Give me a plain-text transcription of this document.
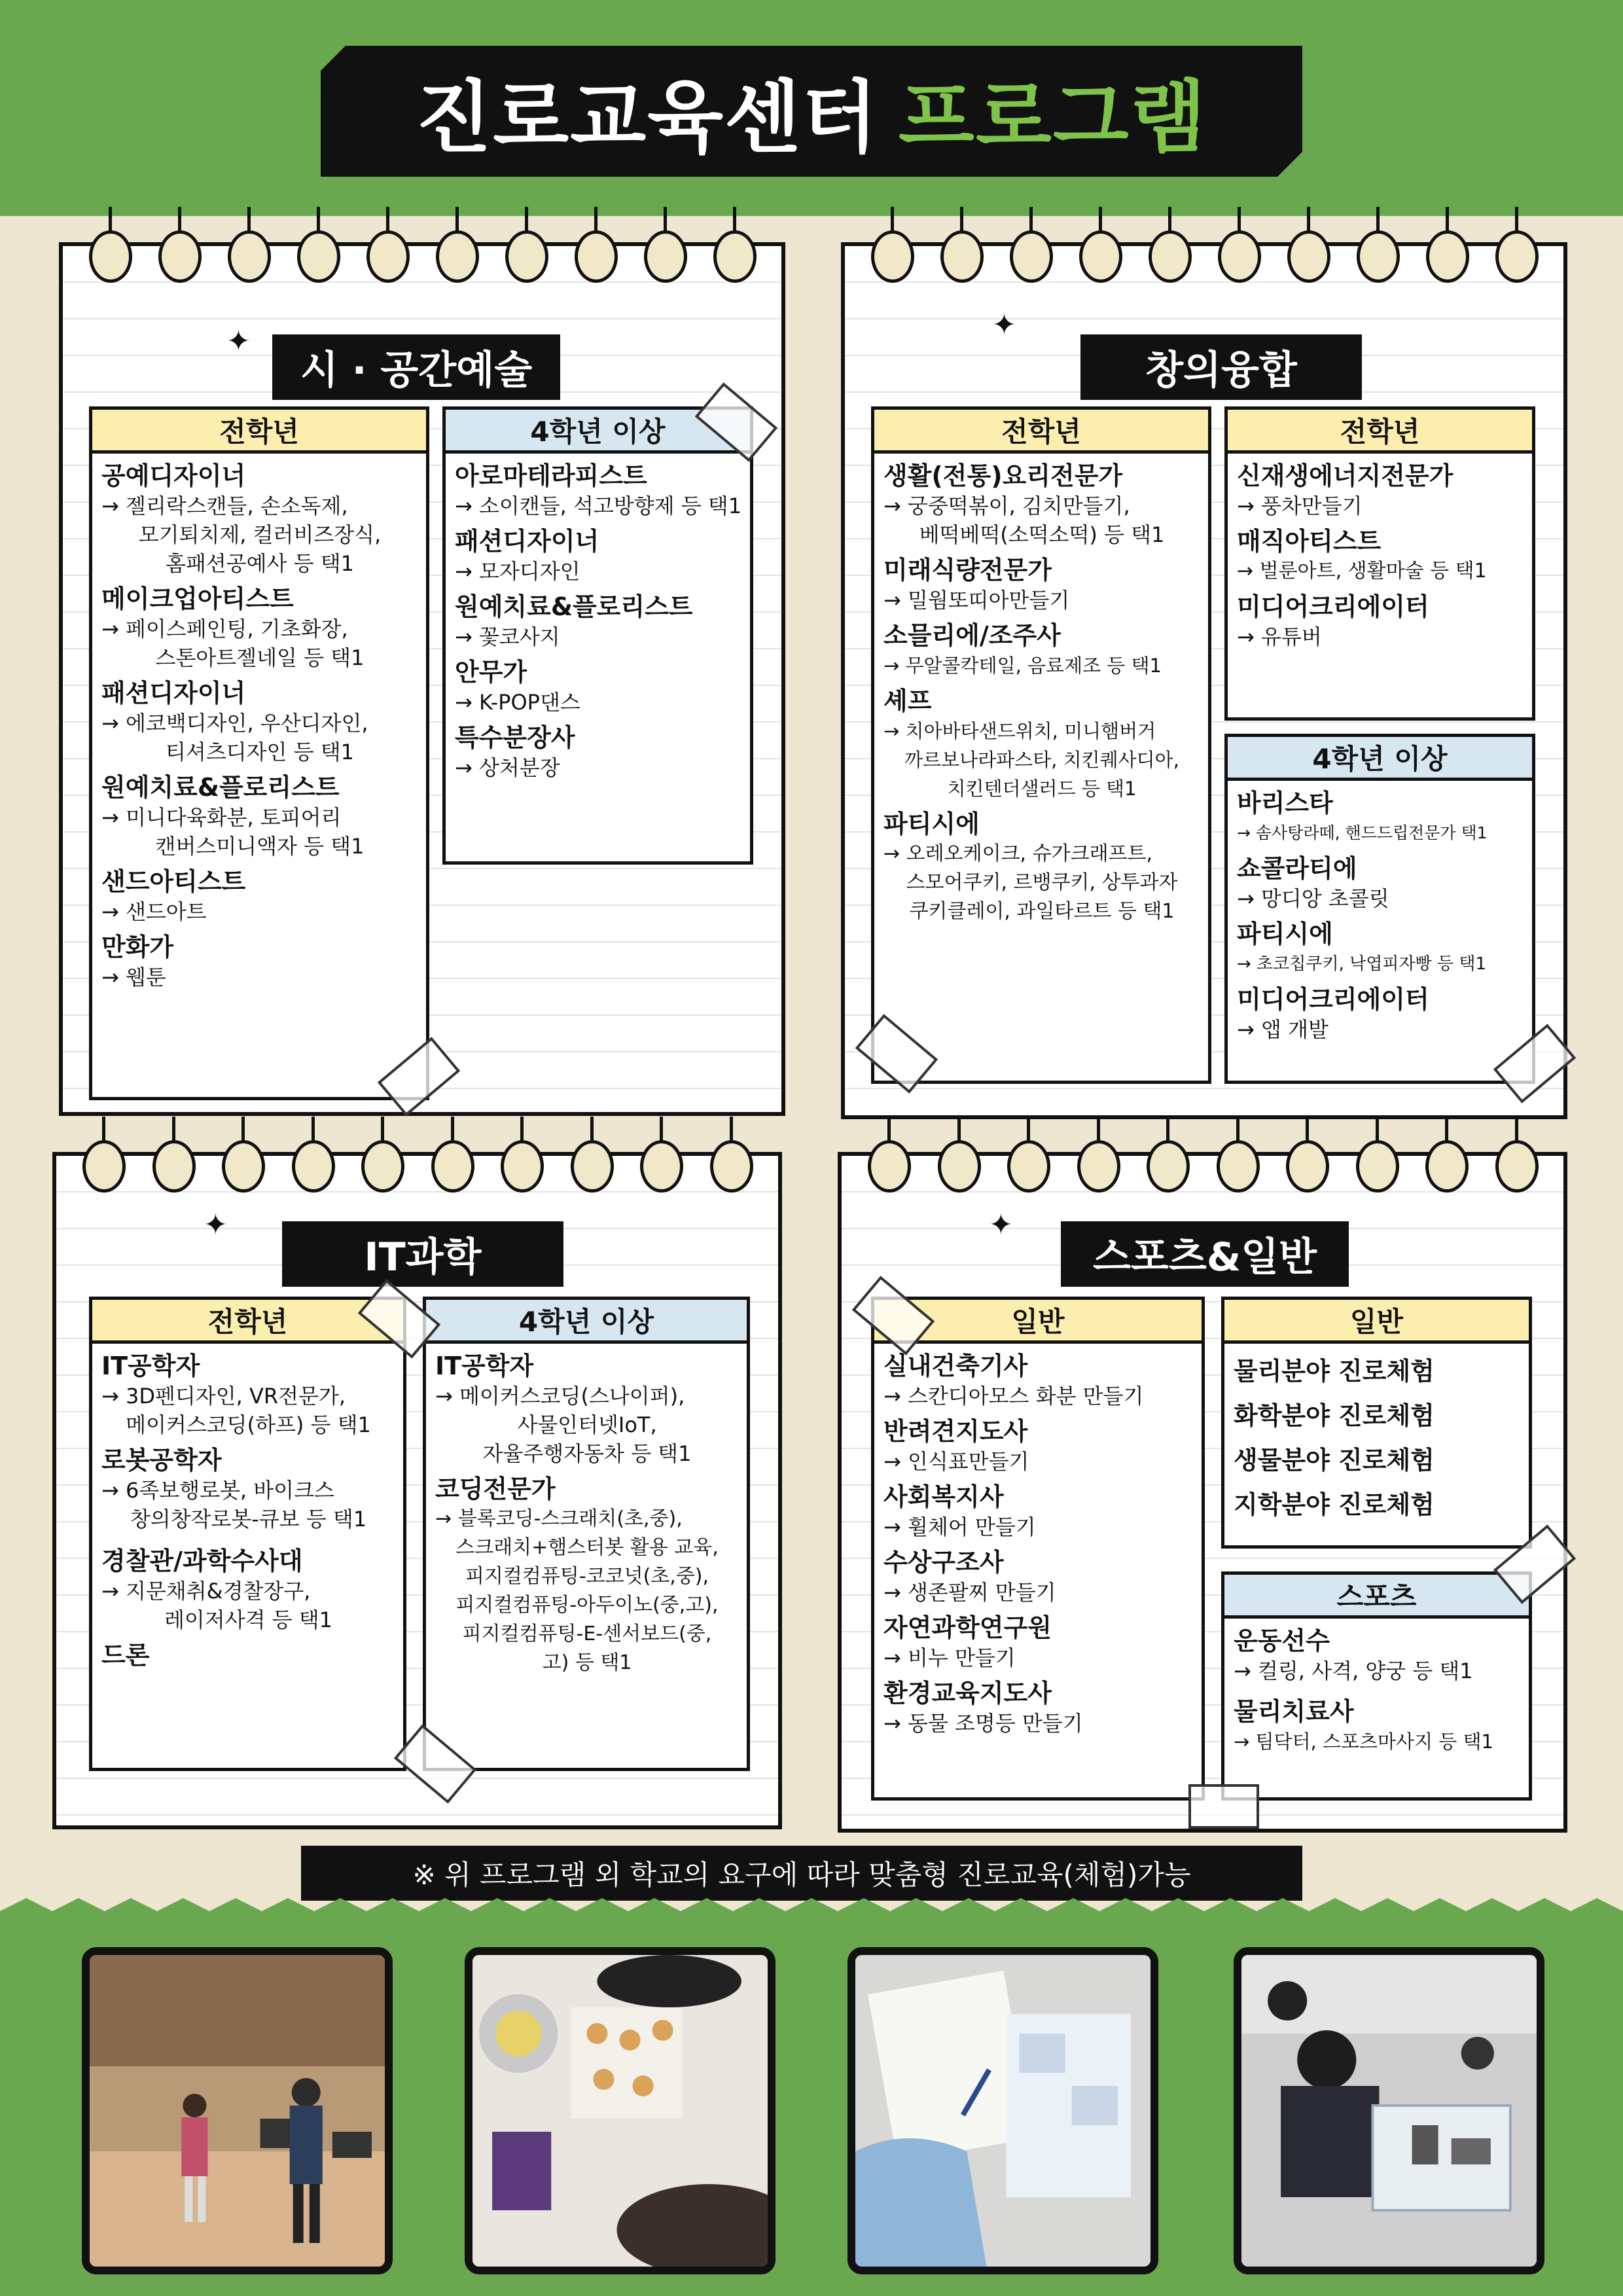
진로교육센터 프로그램
✦
시 · 공간예술
전학년
공예디자이너
→ 젤리락스캔들, 손소독제,
모기퇴치제, 컬러비즈장식,
홈패션공예사 등 택1
메이크업아티스트
→ 페이스페인팅, 기초화장,
스톤아트젤네일 등 택1
패션디자이너
→ 에코백디자인, 우산디자인,
티셔츠디자인 등 택1
원예치료&플로리스트
→ 미니다육화분, 토피어리
캔버스미니액자 등 택1
샌드아티스트
→ 샌드아트
만화가
→ 웹툰
4학년 이상
아로마테라피스트
→ 소이캔들, 석고방향제 등 택1
패션디자이너
→ 모자디자인
원예치료&플로리스트
→ 꽃코사지
안무가
→ K-POP댄스
특수분장사
→ 상처분장
✦
창의융합
전학년
생활(전통)요리전문가
→ 궁중떡볶이, 김치만들기,
베떡베떡(소떡소떡) 등 택1
미래식량전문가
→ 밀웜또띠아만들기
소믈리에/조주사
→ 무알콜칵테일, 음료제조 등 택1
셰프
→ 치아바타샌드위치, 미니햄버거
까르보나라파스타, 치킨퀘사디아,
치킨텐더샐러드 등 택1
파티시에
→ 오레오케이크, 슈가크래프트,
스모어쿠키, 르뱅쿠키, 상투과자
쿠키클레이, 과일타르트 등 택1
전학년
신재생에너지전문가
→ 풍차만들기
매직아티스트
→ 벌룬아트, 생활마술 등 택1
미디어크리에이터
→ 유튜버
4학년 이상
바리스타
→ 솜사탕라떼, 핸드드립전문가 택1
쇼콜라티에
→ 망디앙 초콜릿
파티시에
→ 초코칩쿠키, 낙엽피자빵 등 택1
미디어크리에이터
→ 앱 개발
✦
IT과학
전학년
IT공학자
→ 3D펜디자인, VR전문가,
메이커스코딩(하프) 등 택1
로봇공학자
→ 6족보행로봇, 바이크스
창의창작로봇-큐보 등 택1
경찰관/과학수사대
→ 지문채취&경찰장구,
레이저사격 등 택1
드론
4학년 이상
IT공학자
→ 메이커스코딩(스나이퍼),
사물인터넷IoT,
자율주행자동차 등 택1
코딩전문가
→ 블록코딩-스크래치(초,중),
스크래치+햄스터봇 활용 교육,
피지컬컴퓨팅-코코넛(초,중),
피지컬컴퓨팅-아두이노(중,고),
피지컬컴퓨팅-E-센서보드(중,
고) 등 택1
✦
스포츠&일반
일반
실내건축기사
→ 스칸디아모스 화분 만들기
반려견지도사
→ 인식표만들기
사회복지사
→ 휠체어 만들기
수상구조사
→ 생존팔찌 만들기
자연과학연구원
→ 비누 만들기
환경교육지도사
→ 동물 조명등 만들기
일반
물리분야 진로체험
화학분야 진로체험
생물분야 진로체험
지학분야 진로체험
스포츠
운동선수
→ 컬링, 사격, 양궁 등 택1
물리치료사
→ 팀닥터, 스포츠마사지 등 택1
※ 위 프로그램 외 학교의 요구에 따라 맞춤형 진로교육(체험)가능
